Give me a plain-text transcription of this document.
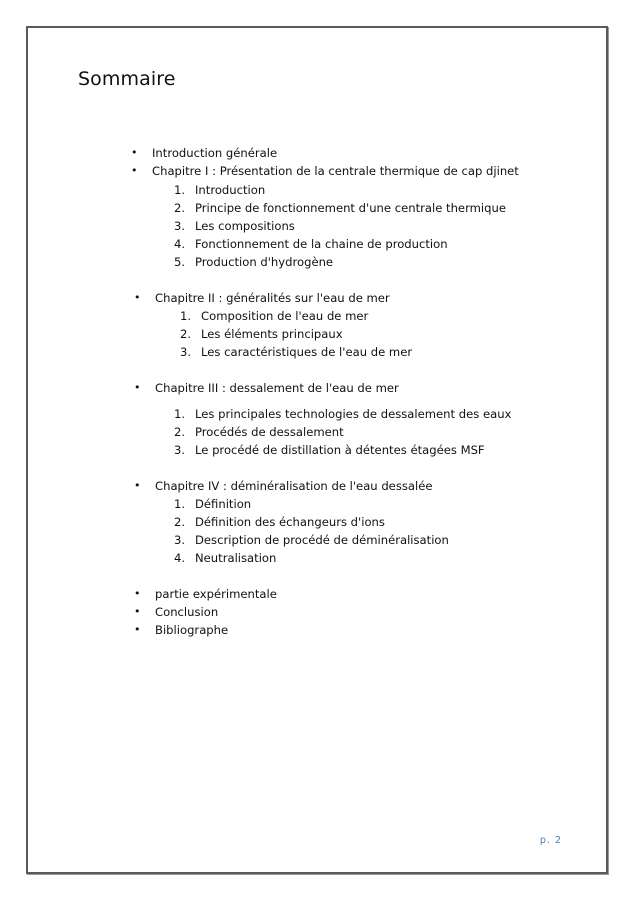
Sommaire
• Introduction générale
• Chapitre I : Présentation de la centrale thermique de cap djinet
1. Introduction
2. Principe de fonctionnement d'une centrale thermique
3. Les compositions
4. Fonctionnement de la chaine de production
5. Production d'hydrogène
• Chapitre II : généralités sur l'eau de mer
1. Composition de l'eau de mer
2. Les éléments principaux
3. Les caractéristiques de l'eau de mer
• Chapitre III : dessalement de l'eau de mer
1. Les principales technologies de dessalement des eaux
2. Procédés de dessalement
3. Le procédé de distillation à détentes étagées MSF
• Chapitre IV : déminéralisation de l'eau dessalée
1. Définition
2. Définition des échangeurs d'ions
3. Description de procédé de déminéralisation
4. Neutralisation
• partie expérimentale
• Conclusion
• Bibliographe
p. 2
